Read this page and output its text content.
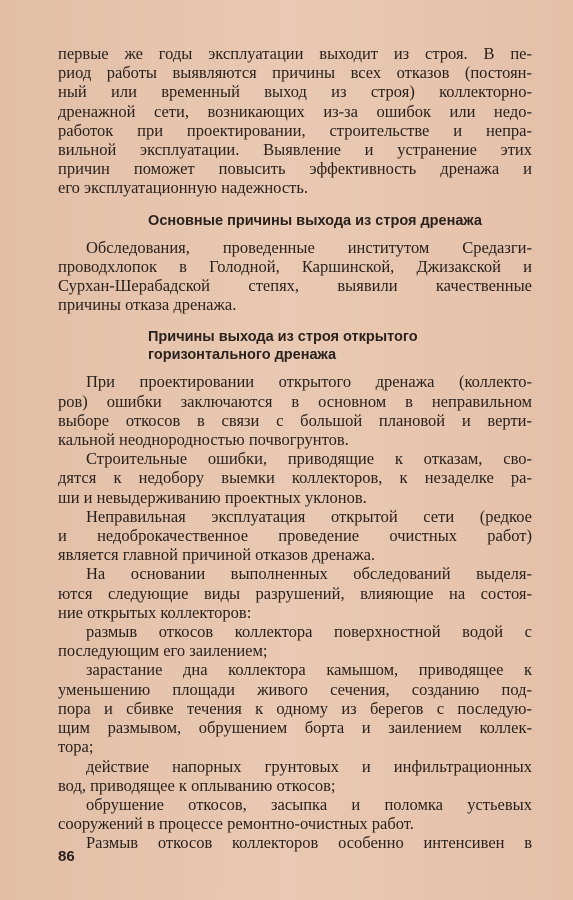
первые же годы эксплуатации выходит из строя. В пе-
риод работы выявляются причины всех отказов (постоян-
ный или временный выход из строя) коллекторно-
дренажной сети, возникающих из-за ошибок или недо-
работок при проектировании, строительстве и непра-
вильной эксплуатации. Выявление и устранение этих
причин поможет повысить эффективность дренажа и
его эксплуатационную надежность.
Основные причины выхода из строя дренажа
Обследования, проведенные институтом Средазги-
проводхлопок в Голодной, Каршинской, Джизакской и
Сурхан-Шерабадской степях, выявили качественные
причины отказа дренажа.
Причины выхода из строя открытого
горизонтального дренажа
При проектировании открытого дренажа (коллекто-
ров) ошибки заключаются в основном в неправильном
выборе откосов в связи с большой плановой и верти-
кальной неоднородностью почвогрунтов.
Строительные ошибки, приводящие к отказам, сво-
дятся к недобору выемки коллекторов, к незаделке ра-
ши и невыдерживанию проектных уклонов.
Неправильная эксплуатация открытой сети (редкое
и недоброкачественное проведение очистных работ)
является главной причиной отказов дренажа.
На основании выполненных обследований выделя-
ются следующие виды разрушений, влияющие на состоя-
ние открытых коллекторов:
размыв откосов коллектора поверхностной водой с
последующим его заилением;
зарастание дна коллектора камышом, приводящее к
уменьшению площади живого сечения, созданию под-
пора и сбивке течения к одному из берегов с последую-
щим размывом, обрушением борта и заилением коллек-
тора;
действие напорных грунтовых и инфильтрационных
вод, приводящее к оплыванию откосов;
обрушение откосов, засыпка и поломка устьевых
сооружений в процессе ремонтно-очистных работ.
Размыв откосов коллекторов особенно интенсивен в
86
